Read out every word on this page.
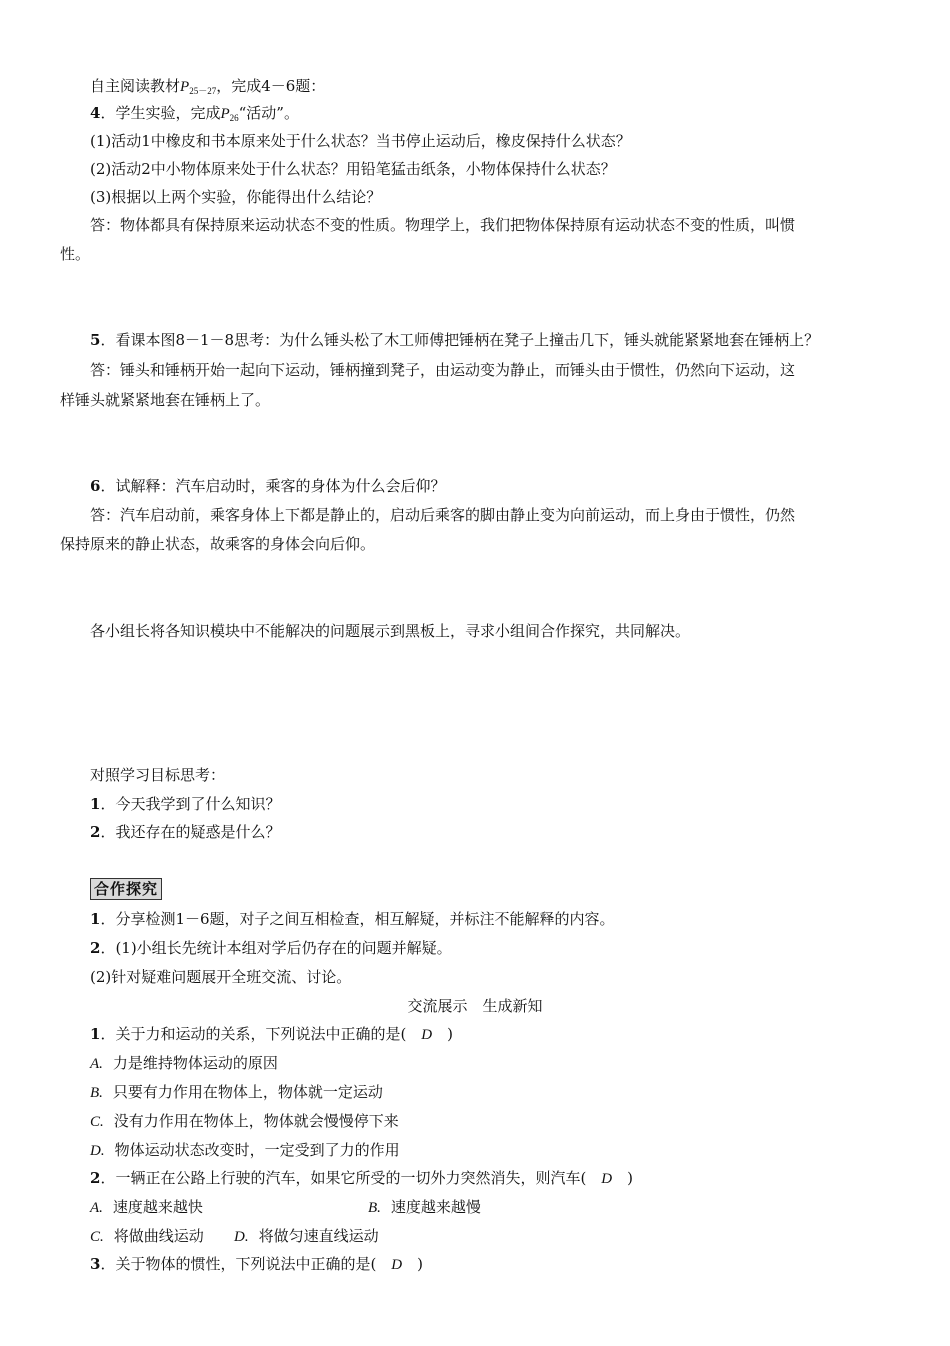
自主阅读教材$P_{25-27}$，完成4－6题：
4．学生实验，完成$P_{26}“$活动”。
(1)活动1中橡皮和书本原来处于什么状态？当书停止运动后，橡皮保持什么状态？
(2)活动2中小物体原来处于什么状态？用铅笔猛击纸条，小物体保持什么状态？
(3)根据以上两个实验，你能得出什么结论？
答：物体都具有保持原来运动状态不变的性质。物理学上，我们把物体保持原有运动状态不变的性质，叫惯
性。
5．看课本图8－1－8思考：为什么锤头松了木工师傅把锤柄在凳子上撞击几下，锤头就能紧紧地套在锤柄上？
答：锤头和锤柄开始一起向下运动，锤柄撞到凳子，由运动变为静止，而锤头由于惯性，仍然向下运动，这
样锤头就紧紧地套在锤柄上了。
6．试解释：汽车启动时，乘客的身体为什么会后仰？
答：汽车启动前，乘客身体上下都是静止的，启动后乘客的脚由静止变为向前运动，而上身由于惯性，仍然
保持原来的静止状态，故乘客的身体会向后仰。
各小组长将各知识模块中不能解决的问题展示到黑板上，寻求小组间合作探究，共同解决。
对照学习目标思考：
1．今天我学到了什么知识？
2．我还存在的疑惑是什么？
合作探究
1．分享检测1－6题，对子之间互相检查，相互解疑，并标注不能解释的内容。
2．(1)小组长先统计本组对学后仍存在的问题并解疑。
(2)针对疑难问题展开全班交流、讨论。
交流展示　生成新知
1．关于力和运动的关系，下列说法中正确的是(　D　)
A. 力是维持物体运动的原因
B. 只要有力作用在物体上，物体就一定运动
C. 没有力作用在物体上，物体就会慢慢停下来
D. 物体运动状态改变时，一定受到了力的作用
2．一辆正在公路上行驶的汽车，如果它所受的一切外力突然消失，则汽车(　D　)
A. 速度越来越快	B. 速度越来越慢
C. 将做曲线运动 D. 将做匀速直线运动
3．关于物体的惯性，下列说法中正确的是(　D　)
